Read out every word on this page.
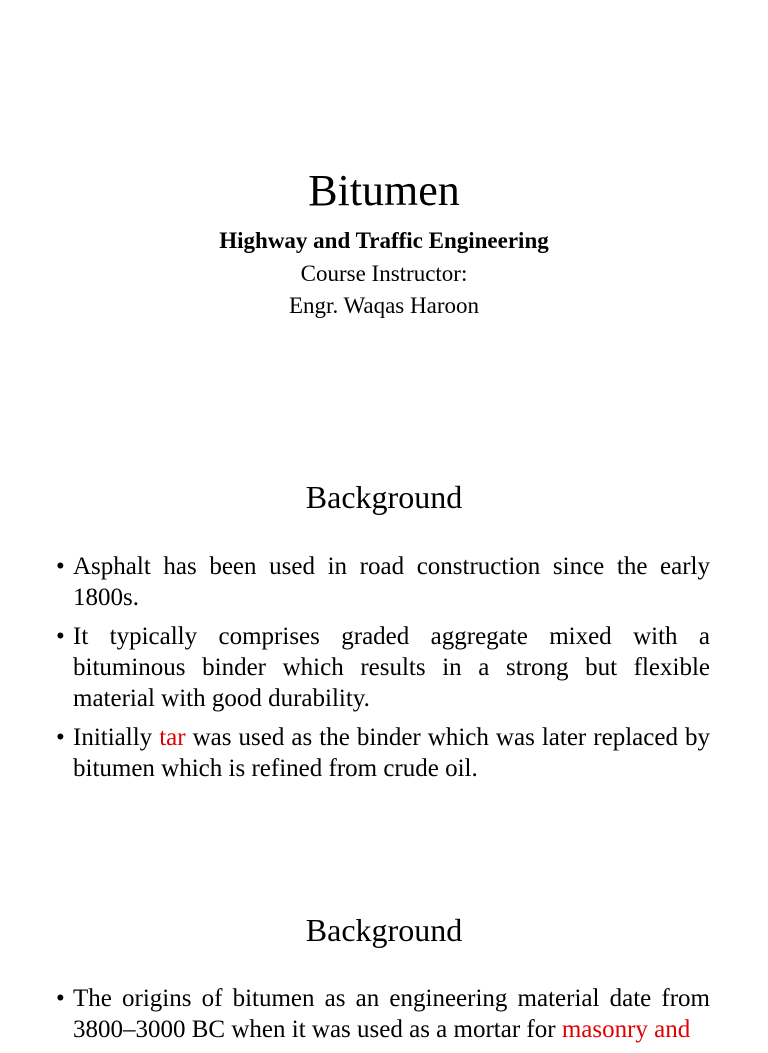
Bitumen
Highway and Traffic Engineering
Course Instructor:
Engr. Waqas Haroon
Background
• Asphalt has been used in road construction since the early 1800s.
• It typically comprises graded aggregate mixed with a bituminous binder which results in a strong but flexible material with good durability.
• Initially tar was used as the binder which was later replaced by bitumen which is refined from crude oil.
Background
• The origins of bitumen as an engineering material date from 3800–3000 BC when it was used as a mortar for masonry and
